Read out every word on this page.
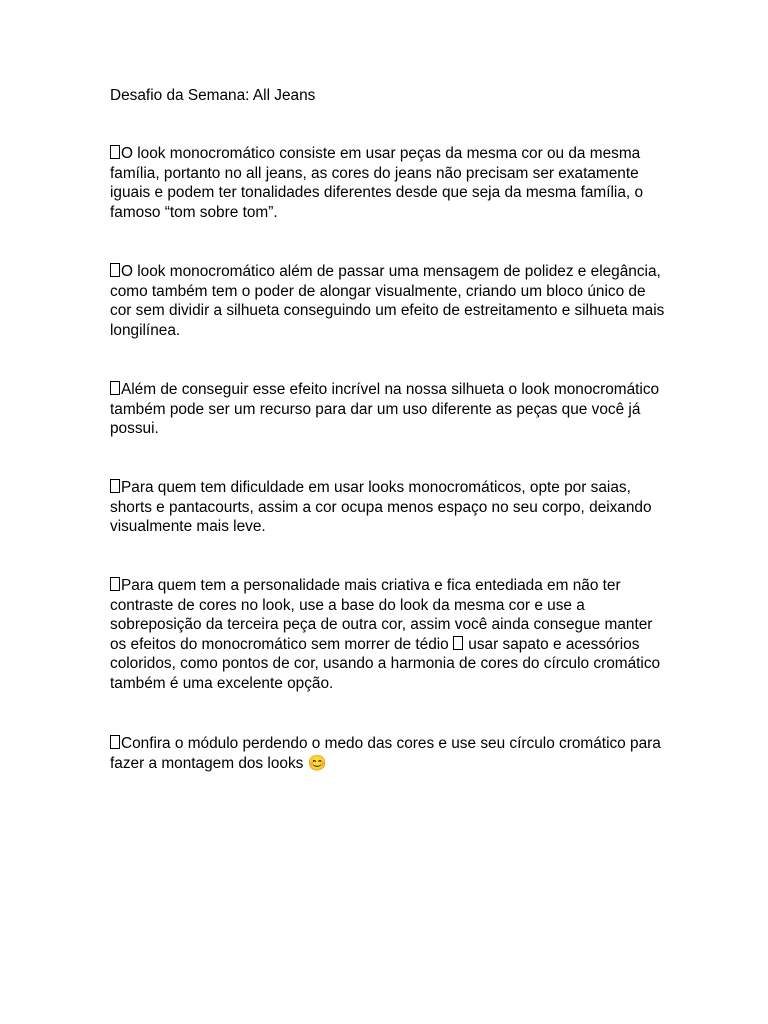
Desafio da Semana: All Jeans

O look monocromático consiste em usar peças da mesma cor ou da mesma família, portanto no all jeans, as cores do jeans não precisam ser exatamente iguais e podem ter tonalidades diferentes desde que seja da mesma família, o famoso “tom sobre tom”.

O look monocromático além de passar uma mensagem de polidez e elegância, como também tem o poder de alongar visualmente, criando um bloco único de cor sem dividir a silhueta conseguindo um efeito de estreitamento e silhueta mais longilínea.

Além de conseguir esse efeito incrível na nossa silhueta o look monocromático também pode ser um recurso para dar um uso diferente as peças que você já possui.

Para quem tem dificuldade em usar looks monocromáticos, opte por saias, shorts e pantacourts, assim a cor ocupa menos espaço no seu corpo, deixando visualmente mais leve.

Para quem tem a personalidade mais criativa e fica entediada em não ter contraste de cores no look, use a base do look da mesma cor e use a sobreposição da terceira peça de outra cor, assim você ainda consegue manter os efeitos do monocromático sem morrer de tédio  usar sapato e acessórios coloridos, como pontos de cor, usando a harmonia de cores do círculo cromático também é uma excelente opção.

Confira o módulo perdendo o medo das cores e use seu círculo cromático para fazer a montagem dos looks 😊
